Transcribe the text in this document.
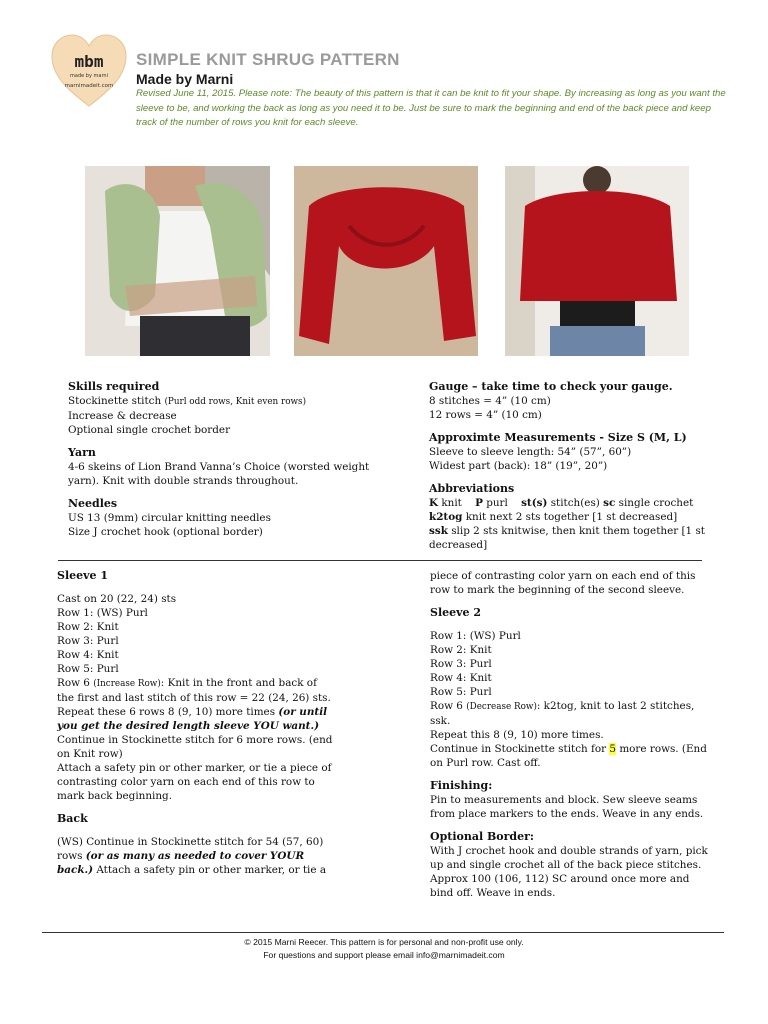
mbm
made by marni
marnimadeit.com
SIMPLE KNIT SHRUG PATTERN
Made by Marni
Revised June 11, 2015. Please note: The beauty of this pattern is that it can be knit to fit your shape. By increasing as long as you want the sleeve to be, and working the back as long as you need it to be. Just be sure to mark the beginning and end of the back piece and keep track of the number of rows you knit for each sleeve.

Skills required

Stockinette stitch (Purl odd rows, Knit even rows)

Increase & decrease

Optional single crochet border

Yarn

4-6 skeins of Lion Brand Vanna’s Choice (worsted weight yarn). Knit with double strands throughout.

Needles

US 13 (9mm) circular knitting needles

Size J crochet hook (optional border)

Gauge – take time to check your gauge.

8 stitches = 4” (10 cm)

12 rows = 4” (10 cm)

Approximte Measurements - Size S (M, L)

Sleeve to sleeve length: 54” (57”, 60”)

Widest part (back): 18” (19”, 20”)

Abbreviations

K knit P purl st(s) stitch(es) sc single crochet

k2tog knit next 2 sts together [1 st decreased]

ssk slip 2 sts knitwise, then knit them together [1 st decreased]

Sleeve 1

Cast on 20 (22, 24) sts

Row 1: (WS) Purl

Row 2: Knit

Row 3: Purl

Row 4: Knit

Row 5: Purl

Row 6 (Increase Row): Knit in the front and back of the first and last stitch of this row = 22 (24, 26) sts.

Repeat these 6 rows 8 (9, 10) more times (or until you get the desired length sleeve YOU want.)

Continue in Stockinette stitch for 6 more rows. (end on Knit row)

Attach a safety pin or other marker, or tie a piece of contrasting color yarn on each end of this row to mark back beginning.

Back

(WS) Continue in Stockinette stitch for 54 (57, 60) rows (or as many as needed to cover YOUR back.) Attach a safety pin or other marker, or tie a

piece of contrasting color yarn on each end of this row to mark the beginning of the second sleeve.

Sleeve 2

Row 1: (WS) Purl

Row 2: Knit

Row 3: Purl

Row 4: Knit

Row 5: Purl

Row 6 (Decrease Row): k2tog, knit to last 2 stitches, ssk.

Repeat this 8 (9, 10) more times.

Continue in Stockinette stitch for 5 more rows. (End on Purl row. Cast off.

Finishing:

Pin to measurements and block. Sew sleeve seams from place markers to the ends. Weave in any ends.

Optional Border:

With J crochet hook and double strands of yarn, pick up and single crochet all of the back piece stitches. Approx 100 (106, 112) SC around once more and bind off. Weave in ends.

© 2015 Marni Reecer. This pattern is for personal and non-profit use only.
For questions and support please email info@marnimadeit.com
